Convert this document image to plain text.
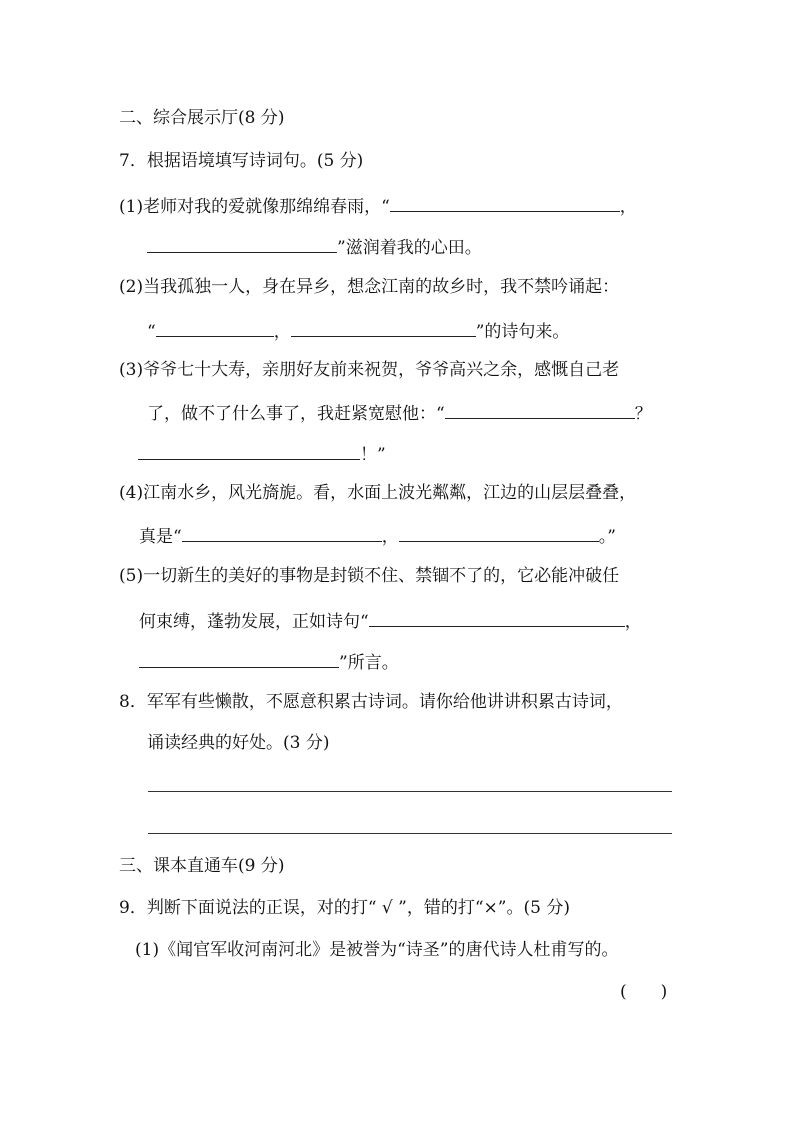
二、综合展示厅(8 分)
7．根据语境填写诗词句。(5 分)
(1)老师对我的爱就像那绵绵春雨，“	，
”滋润着我的心田。
(2)当我孤独一人，身在异乡，想念江南的故乡时，我不禁吟诵起：
“	，	”的诗句来。
(3)爷爷七十大寿，亲朋好友前来祝贺，爷爷高兴之余，感慨自己老
了，做不了什么事了，我赶紧宽慰他：“	？
！”
(4)江南水乡，风光旖旎。看，水面上波光粼粼，江边的山层层叠叠，
真是“	，	。”
(5)一切新生的美好的事物是封锁不住、禁锢不了的，它必能冲破任
何束缚，蓬勃发展，正如诗句“	，
”所言。
8．军军有些懒散，不愿意积累古诗词。请你给他讲讲积累古诗词，
诵读经典的好处。(3 分)
三、课本直通车(9 分)
9．判断下面说法的正误，对的打“ √ ”，错的打“×”。(5 分)
(1)《闻官军收河南河北》是被誉为“诗圣”的唐代诗人杜甫写的。
(　　)
